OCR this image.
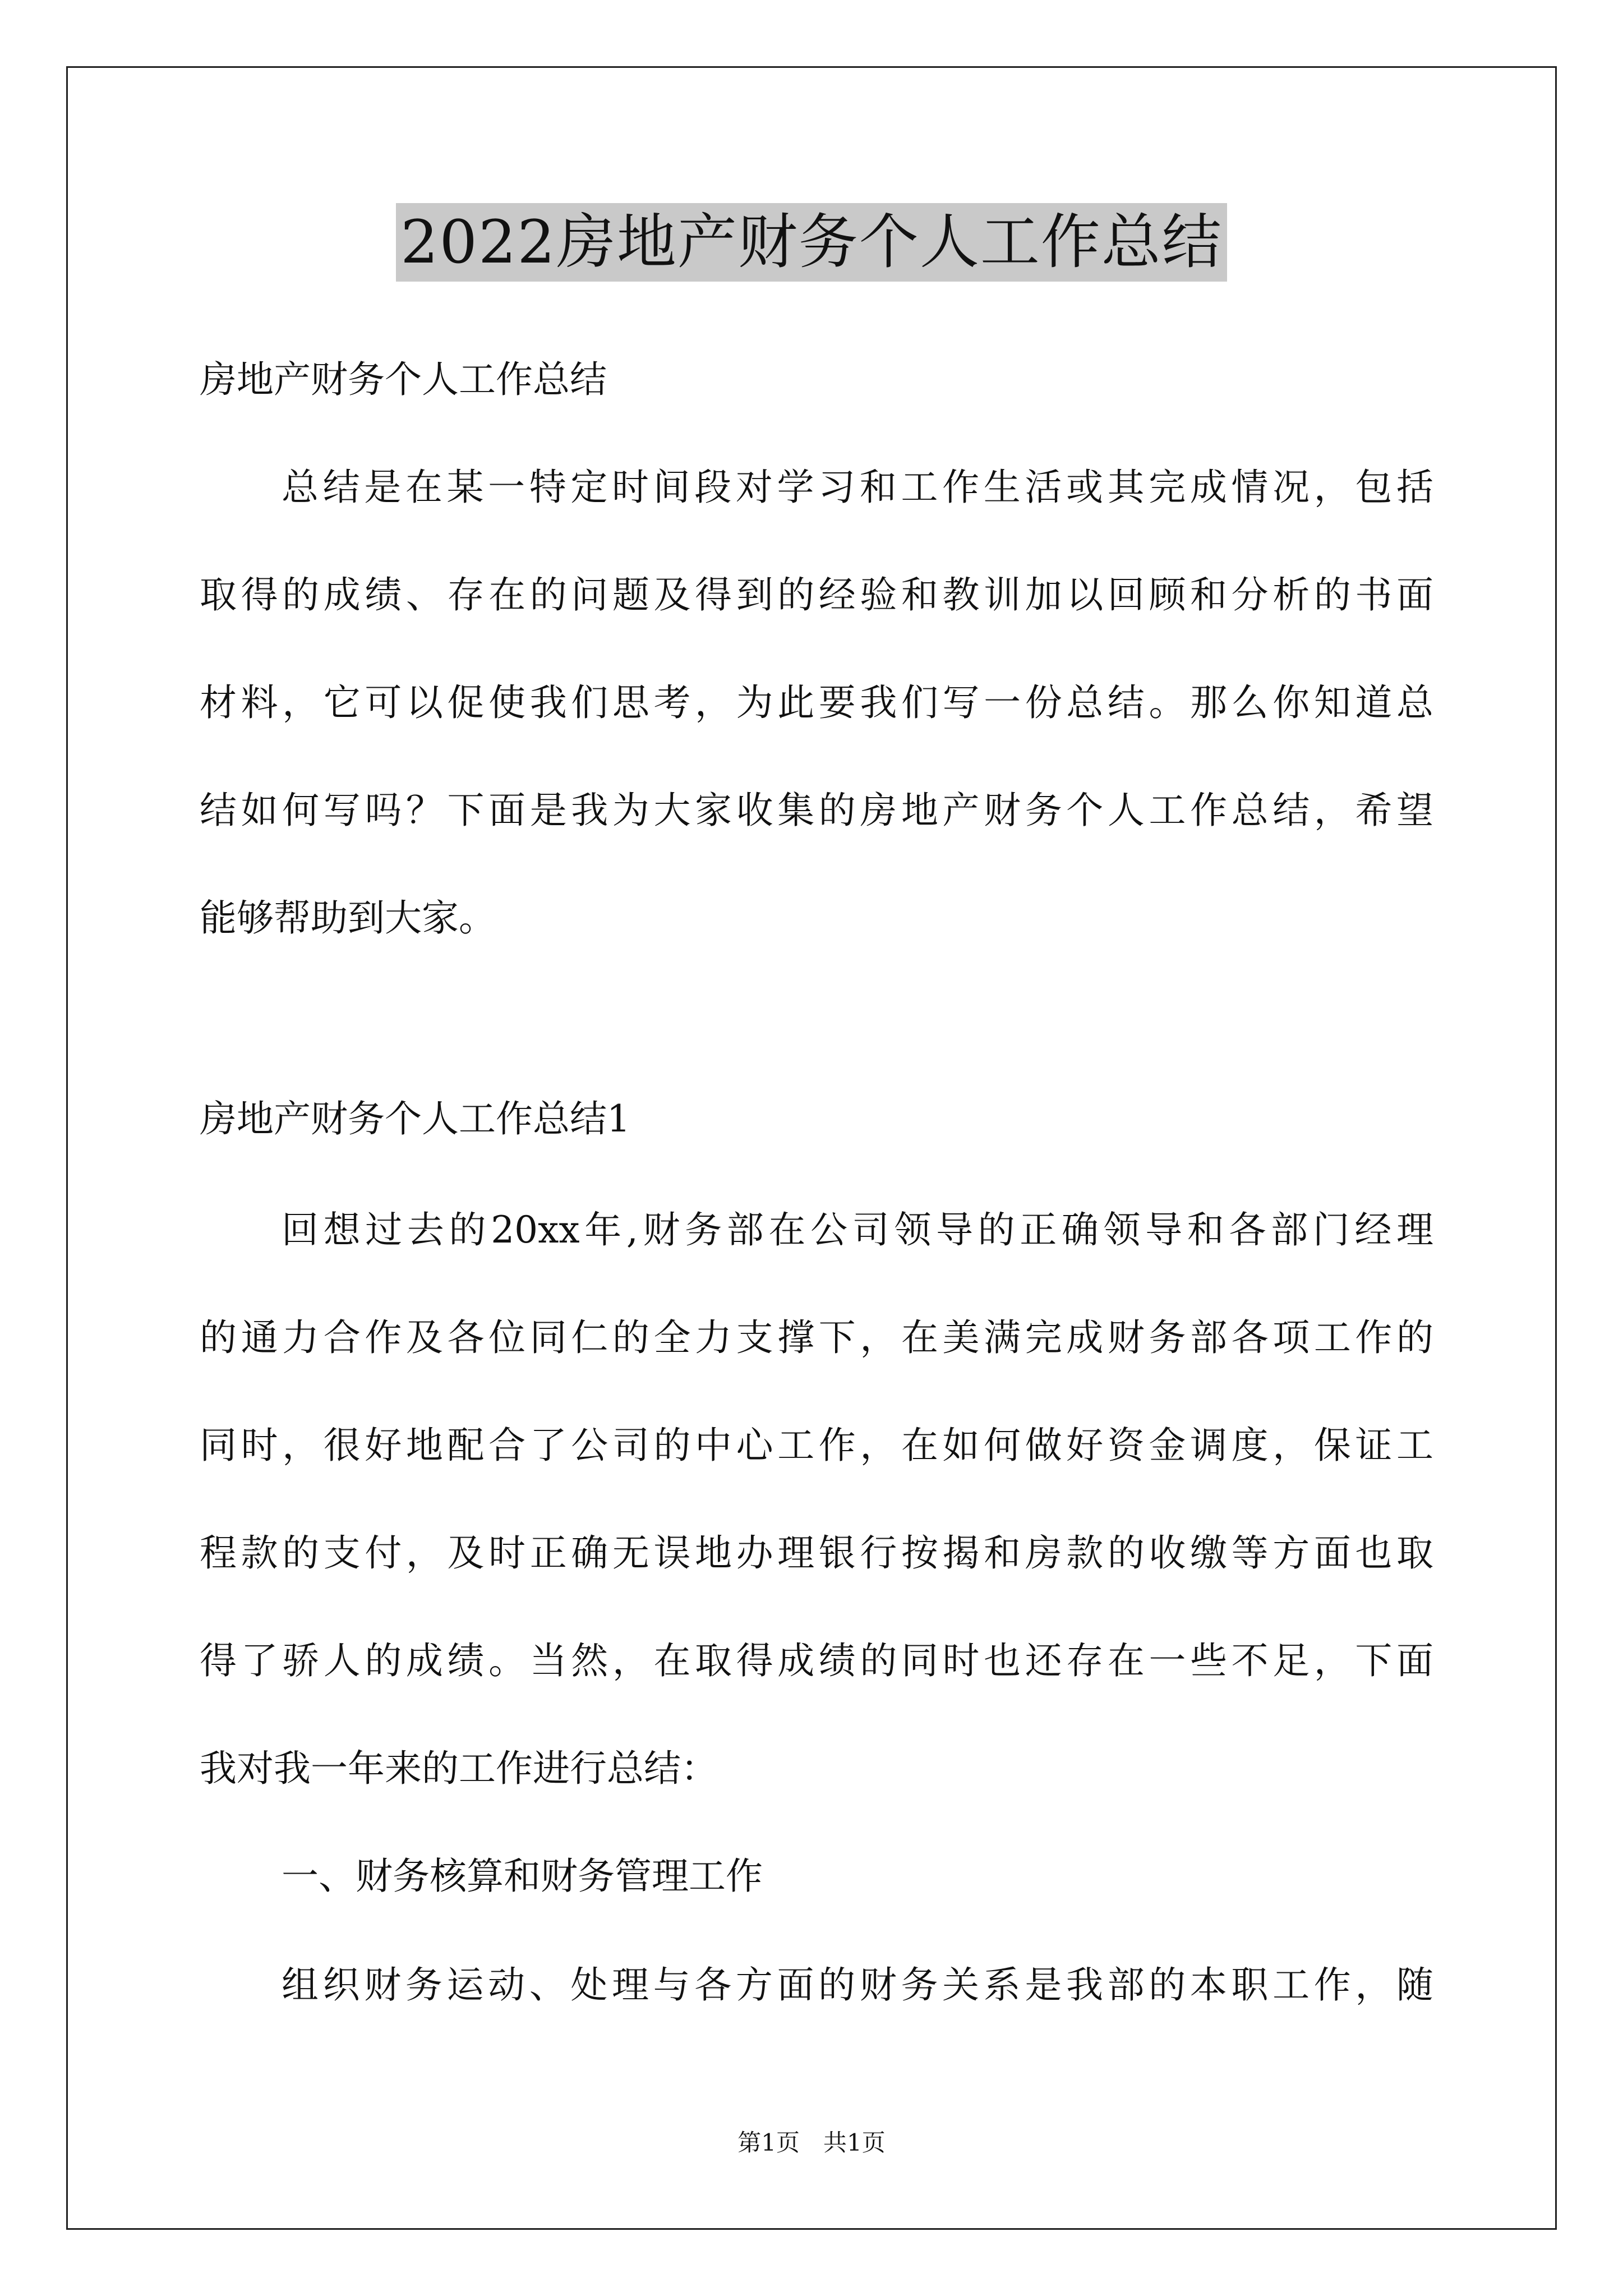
2022房地产财务个人工作总结
房地产财务个人工作总结
总结是在某一特定时间段对学习和工作生活或其完成情况，包括
取得的成绩、存在的问题及得到的经验和教训加以回顾和分析的书面
材料，它可以促使我们思考，为此要我们写一份总结。那么你知道总
结如何写吗？下面是我为大家收集的房地产财务个人工作总结，希望
能够帮助到大家。
房地产财务个人工作总结1
回想过去的20xx年,财务部在公司领导的正确领导和各部门经理
的通力合作及各位同仁的全力支撑下，在美满完成财务部各项工作的
同时，很好地配合了公司的中心工作，在如何做好资金调度，保证工
程款的支付，及时正确无误地办理银行按揭和房款的收缴等方面也取
得了骄人的成绩。当然，在取得成绩的同时也还存在一些不足，下面
我对我一年来的工作进行总结：
一、财务核算和财务管理工作
组织财务运动、处理与各方面的财务关系是我部的本职工作，随
第1页　共1页
